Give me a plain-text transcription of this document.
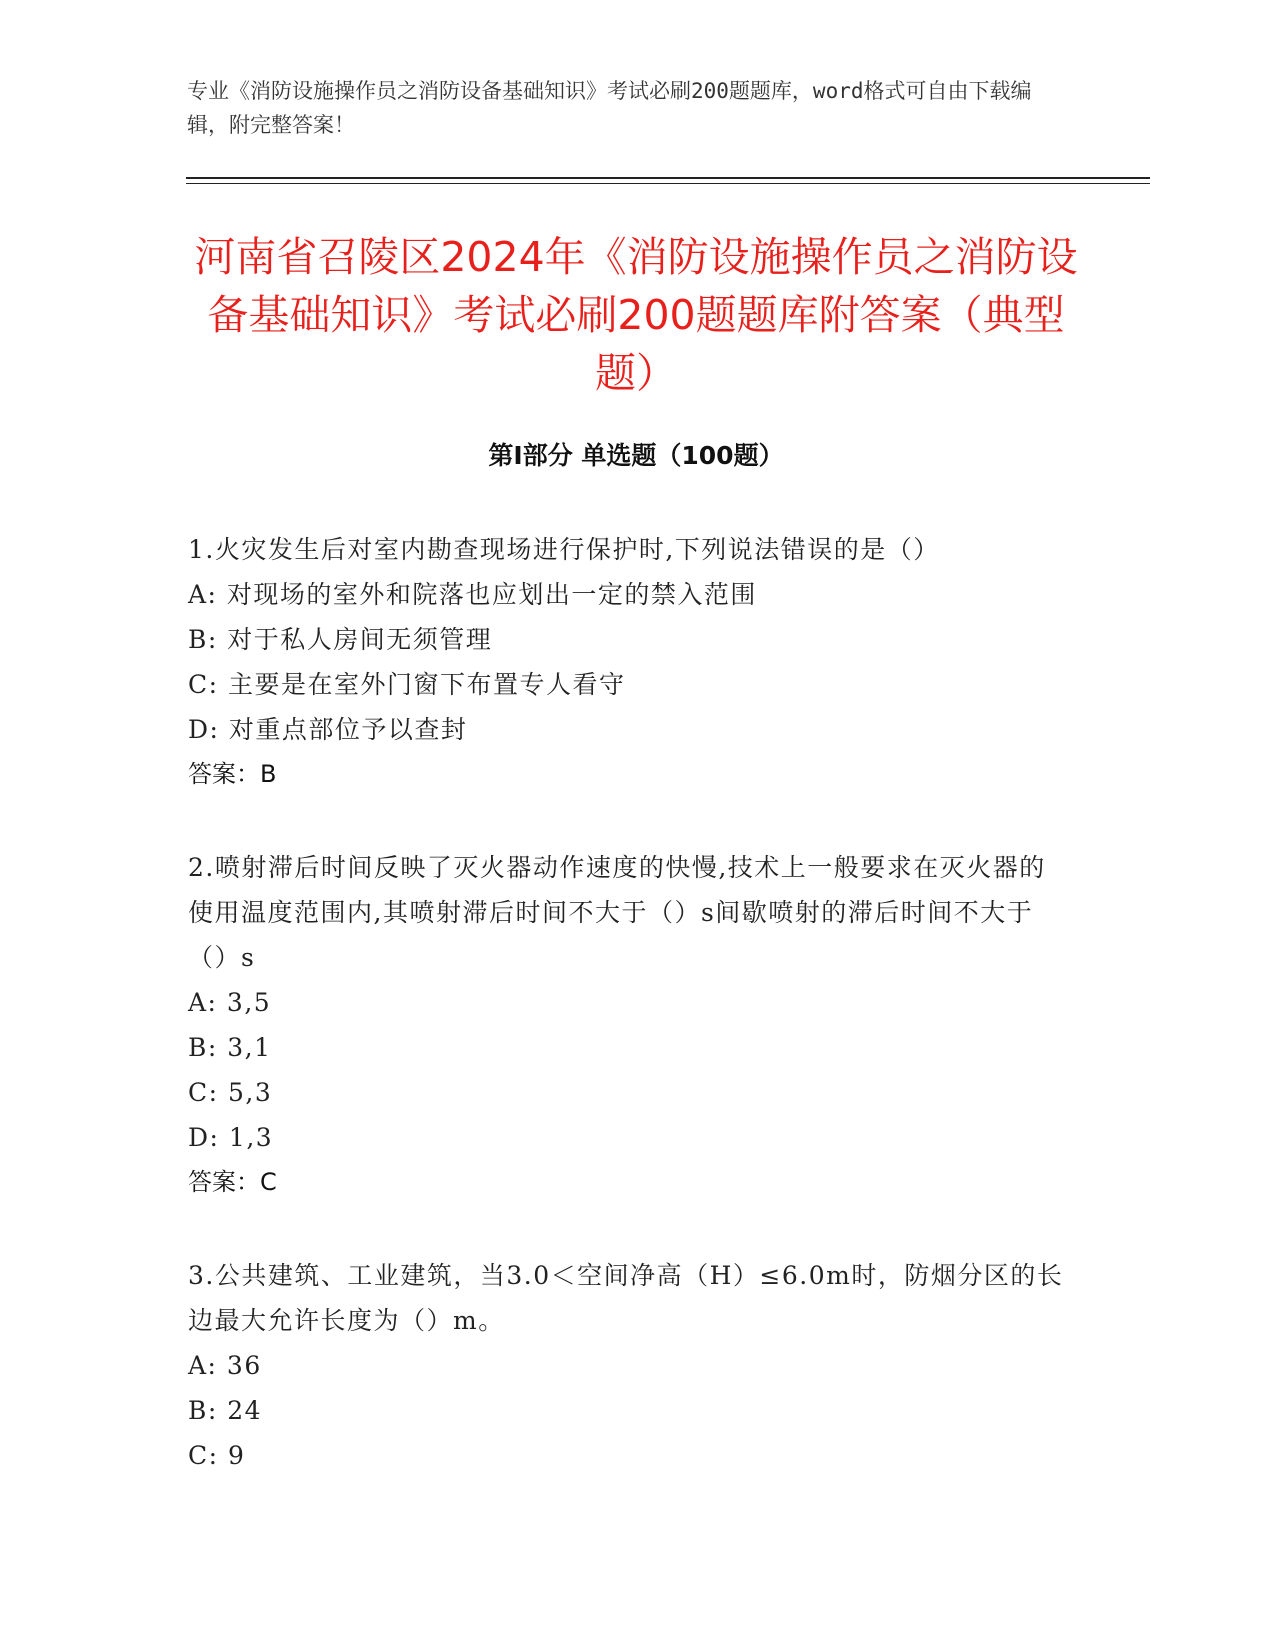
专业《消防设施操作员之消防设备基础知识》考试必刷200题题库，word格式可自由下载编辑，附完整答案！
河南省召陵区2024年《消防设施操作员之消防设备基础知识》考试必刷200题题库附答案（典型题）
第Ⅰ部分 单选题（100题）
1.火灾发生后对室内勘查现场进行保护时,下列说法错误的是（）
A: 对现场的室外和院落也应划出一定的禁入范围
B: 对于私人房间无须管理
C: 主要是在室外门窗下布置专人看守
D: 对重点部位予以查封
答案：B
2.喷射滞后时间反映了灭火器动作速度的快慢,技术上一般要求在灭火器的使用温度范围内,其喷射滞后时间不大于（）s间歇喷射的滞后时间不大于（）s
A: 3,5
B: 3,1
C: 5,3
D: 1,3
答案：C
3.公共建筑、工业建筑，当3.0＜空间净高（H）≤6.0m时，防烟分区的长边最大允许长度为（）m。
A: 36
B: 24
C: 9
